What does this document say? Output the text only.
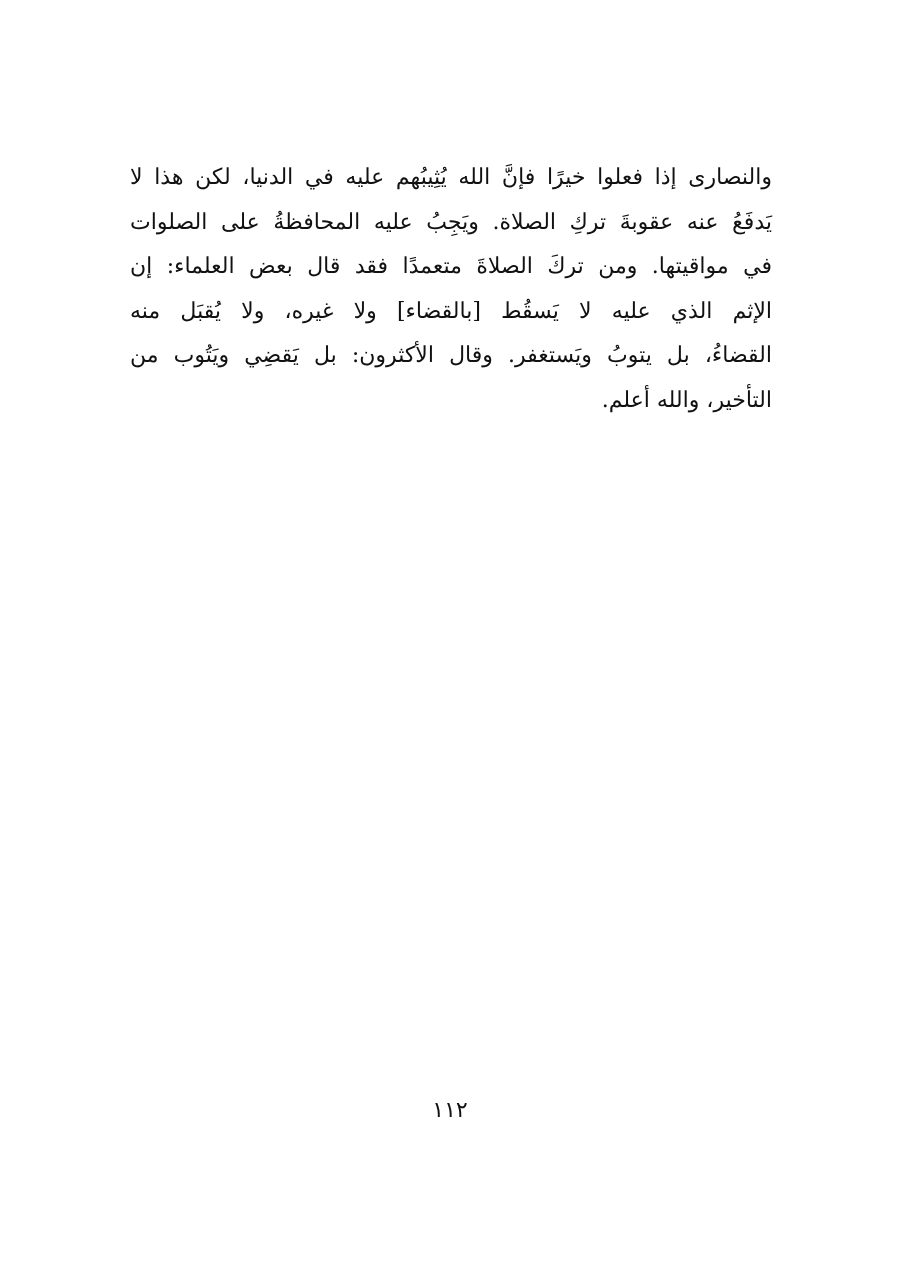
والنصارى إذا فعلوا خيرًا فإنَّ الله يُثِيبُهم عليه في الدنيا، لكن هذا لا
يَدفَعُ عنه عقوبةَ تركِ الصلاة. ويَجِبُ عليه المحافظةُ على الصلوات
في مواقيتها. ومن تركَ الصلاةَ متعمدًا فقد قال بعض العلماء: إن
الإثم الذي عليه لا يَسقُط [بالقضاء] ولا غيره، ولا يُقبَل منه
القضاءُ، بل يتوبُ ويَستغفر. وقال الأكثرون: بل يَقضِي ويَتُوب من
التأخير، والله أعلم.
١١٢
